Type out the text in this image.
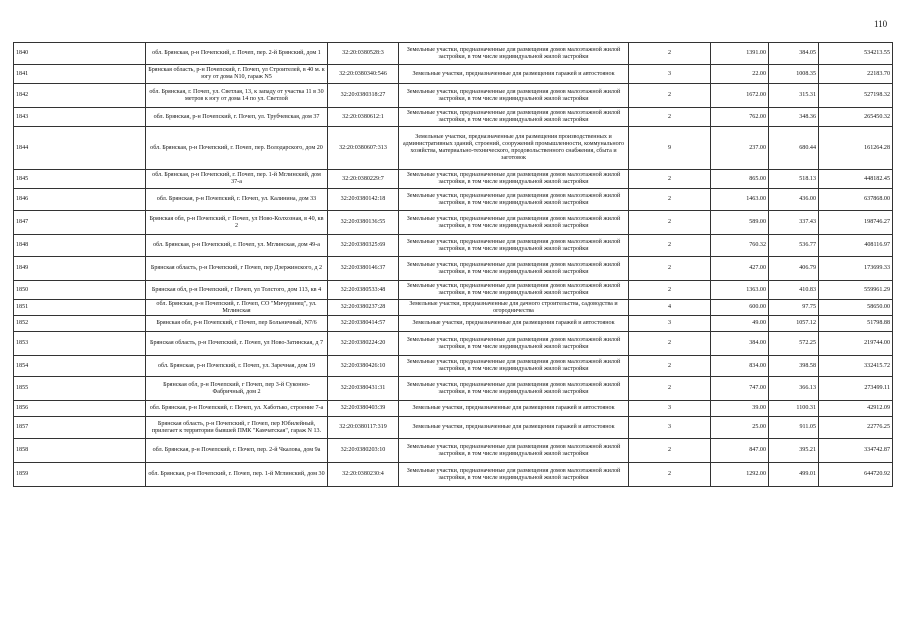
110
1840	обл. Брянская, р-н Почепский, г. Почеп, пер. 2-й Брянский, дом 1	32:20:0380528:3	Земельные участки, предназначенные для размещения домов малоэтажной жилой застройки, в том числе индивидуальной жилой застройки	2	1391.00	384.05	534213.55
1841	Брянская область, р-н Почепский, г. Почеп, ул Строителей, в 40 м. к югу от дома N10, гараж N5	32:20:0380340:546	Земельные участки, предназначенные для размещения гаражей и автостоянок	3	22.00	1008.35	22183.70
1842	обл. Брянская, г. Почеп, ул. Светлая, 13, к западу от участка 11 в 30 метров к югу от дома 14 по ул. Светлой	32:20:0380318:27	Земельные участки, предназначенные для размещения домов малоэтажной жилой застройки, в том числе индивидуальной жилой застройки	2	1672.00	315.31	527198.32
1843	обл. Брянская, р-н Почепский, г. Почеп, ул. Трубчевская, дом 37	32:20:0380612:1	Земельные участки, предназначенные для размещения домов малоэтажной жилой застройки, в том числе индивидуальной жилой застройки	2	762.00	348.36	265450.32
1844	обл. Брянская, р-н Почепский, г. Почеп, пер. Володарского, дом 20	32:20:0380607:313	Земельные участки, предназначенные для размещения производственных и административных зданий, строений, сооружений промышленности, коммунального хозяйства, материально-технического, продовольственного снабжения, сбыта и заготовок	9	237.00	680.44	161264.28
1845	обл. Брянская, р-н Почепский, г. Почеп, пер. 1-й Мглинский, дом 37-а	32:20:0380229:7	Земельные участки, предназначенные для размещения домов малоэтажной жилой застройки, в том числе индивидуальной жилой застройки	2	865.00	518.13	448182.45
1846	обл. Брянская, р-н Почепский, г. Почеп, ул. Калинина, дом 33	32:20:0380142:18	Земельные участки, предназначенные для размещения домов малоэтажной жилой застройки, в том числе индивидуальной жилой застройки	2	1463.00	436.00	637868.00
1847	Брянская обл, р-н Почепский, г Почеп, ул Ново-Колхозная, в 40, кв 2	32:20:0380136:55	Земельные участки, предназначенные для размещения домов малоэтажной жилой застройки, в том числе индивидуальной жилой застройки	2	589.00	337.43	198746.27
1848	обл. Брянская, р-н Почепский, г. Почеп, ул. Мглинская, дом 49-а	32:20:0380325:69	Земельные участки, предназначенные для размещения домов малоэтажной жилой застройки, в том числе индивидуальной жилой застройки	2	760.32	536.77	408116.97
1849	Брянская область, р-н Почепский, г Почеп, пер Дзержинского, д 2	32:20:0380146:37	Земельные участки, предназначенные для размещения домов малоэтажной жилой застройки, в том числе индивидуальной жилой застройки	2	427.00	406.79	173699.33
1850	Брянская обл, р-н Почепский, г Почеп, ул Толстого, дом 113, кв 4	32:20:0380533:48	Земельные участки, предназначенные для размещения домов малоэтажной жилой застройки, в том числе индивидуальной жилой застройки	2	1363.00	410.83	559961.29
1851	обл. Брянская, р-н Почепский, г. Почеп, СО "Мичуринец", ул. Мглинская	32:20:0380237:28	Земельные участки, предназначенные для дачного строительства, садоводства и огородничества	4	600.00	97.75	58650.00
1852	Брянская обл, р-н Почепский, г Почеп, пер Больничный, N7/6	32:20:0380414:57	Земельные участки, предназначенные для размещения гаражей и автостоянок	3	49.00	1057.12	51798.88
1853	Брянская область, р-н Почепский, г. Почеп, ул Ново-Затинская, д 7	32:20:0380224:20	Земельные участки, предназначенные для размещения домов малоэтажной жилой застройки, в том числе индивидуальной жилой застройки	2	384.00	572.25	219744.00
1854	обл. Брянская, р-н Почепский, г. Почеп, ул. Заречная, дом 19	32:20:0380426:10	Земельные участки, предназначенные для размещения домов малоэтажной жилой застройки, в том числе индивидуальной жилой застройки	2	834.00	398.58	332415.72
1855	Брянская обл, р-н Почепский, г Почеп, пер 3-й Суконно-Фабричный, дом 2	32:20:0380431:31	Земельные участки, предназначенные для размещения домов малоэтажной жилой застройки, в том числе индивидуальной жилой застройки	2	747.00	366.13	273499.11
1856	обл. Брянская, р-н Почепский, г. Почеп, ул. Хаботько, строение 7-а	32:20:0380403:39	Земельные участки, предназначенные для размещения гаражей и автостоянок	3	39.00	1100.31	42912.09
1857	Брянская область, р-н Почепский, г Почеп, пер Юбилейный, прилегает к территории бывшей ПМК "Камчатская", гараж N 13.	32:20:0380117:319	Земельные участки, предназначенные для размещения гаражей и автостоянок	3	25.00	911.05	22776.25
1858	обл. Брянская, р-н Почепский, г. Почеп, пер. 2-й Чкалова, дом 9а	32:20:0380203:10	Земельные участки, предназначенные для размещения домов малоэтажной жилой застройки, в том числе индивидуальной жилой застройки	2	847.00	395.21	334742.87
1859	обл. Брянская, р-н Почепский, г. Почеп, пер. 1-й Мглинский, дом 30	32:20:0380230:4	Земельные участки, предназначенные для размещения домов малоэтажной жилой застройки, в том числе индивидуальной жилой застройки	2	1292.00	499.01	644720.92
